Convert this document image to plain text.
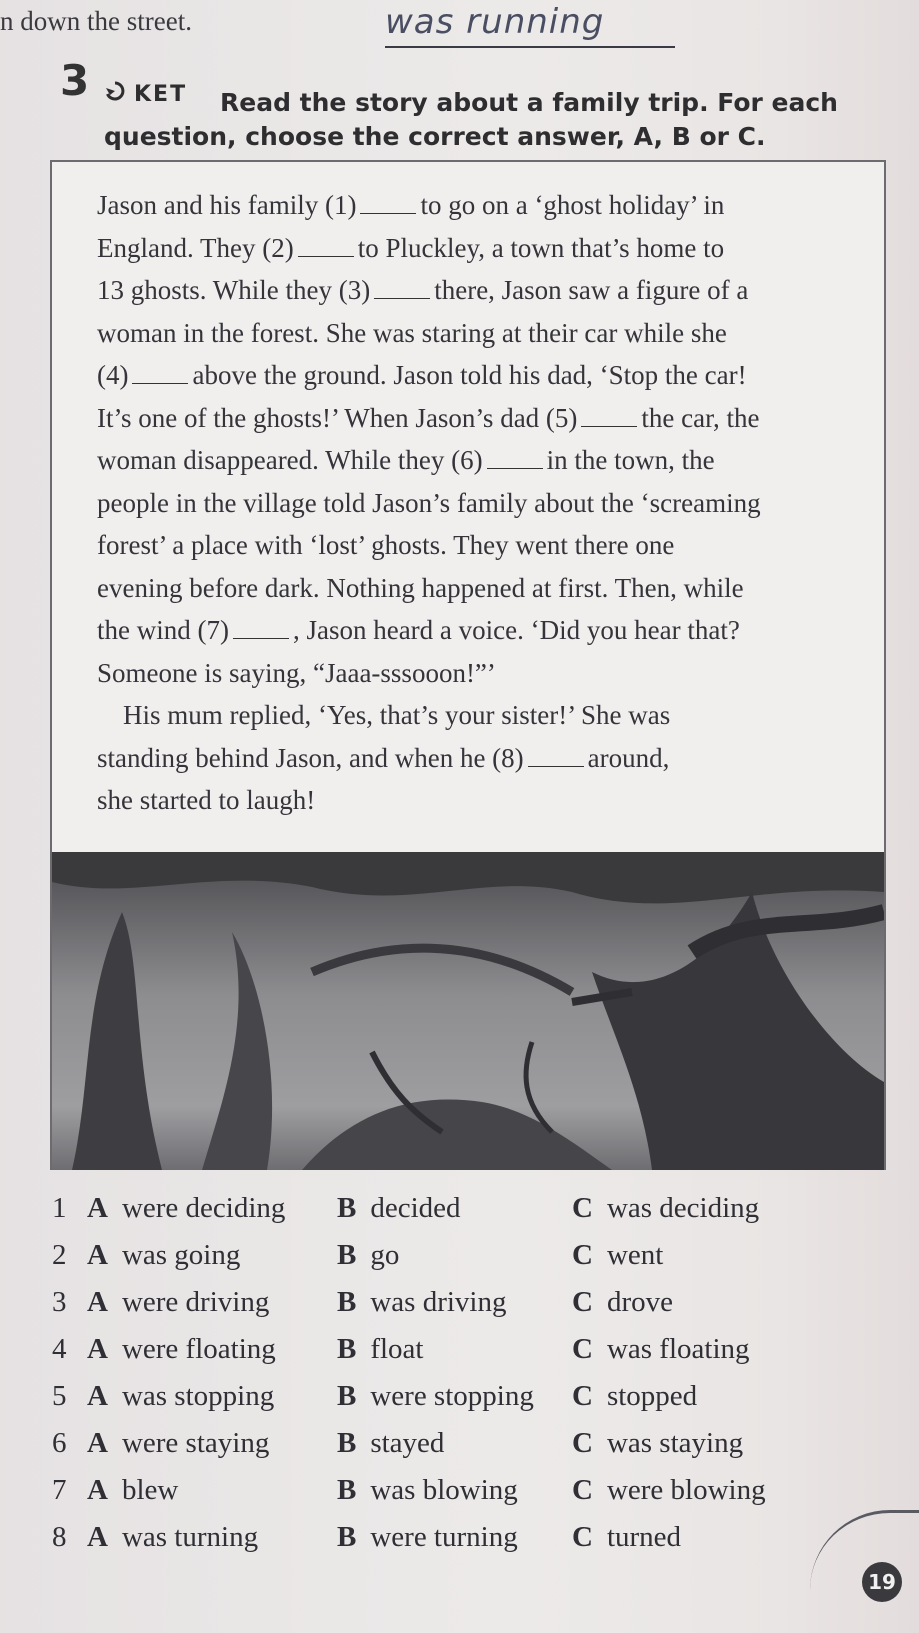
n down the street.	was running
3 KET Read the story about a family trip. For each
question, choose the correct answer, A, B or C.

Jason and his family (1) to go on a ‘ghost holiday’ in

England. They (2) to Pluckley, a town that’s home to

13 ghosts. While they (3) there, Jason saw a figure of a

woman in the forest. She was staring at their car while she

(4) above the ground. Jason told his dad, ‘Stop the car!

It’s one of the ghosts!’ When Jason’s dad (5) the car, the

woman disappeared. While they (6) in the town, the

people in the village told Jason’s family about the ‘screaming

forest’ a place with ‘lost’ ghosts. They went there one

evening before dark. Nothing happened at first. Then, while

the wind (7) , Jason heard a voice. ‘Did you hear that?

Someone is saying, “Jaaa-sssooon!”’

His mum replied, ‘Yes, that’s your sister!’ She was

standing behind Jason, and when he (8) around,

she started to laugh!

1 A were deciding B decided	C was deciding
2 A was going	B go	C went
3 A were driving B was driving C drove
4 A were floating B float	C was floating
5 A was stopping B were stopping C stopped
6 A were staying B stayed	C was staying
7 A blew	B was blowing C were blowing
8 A was turning	B were turning C turned
19
